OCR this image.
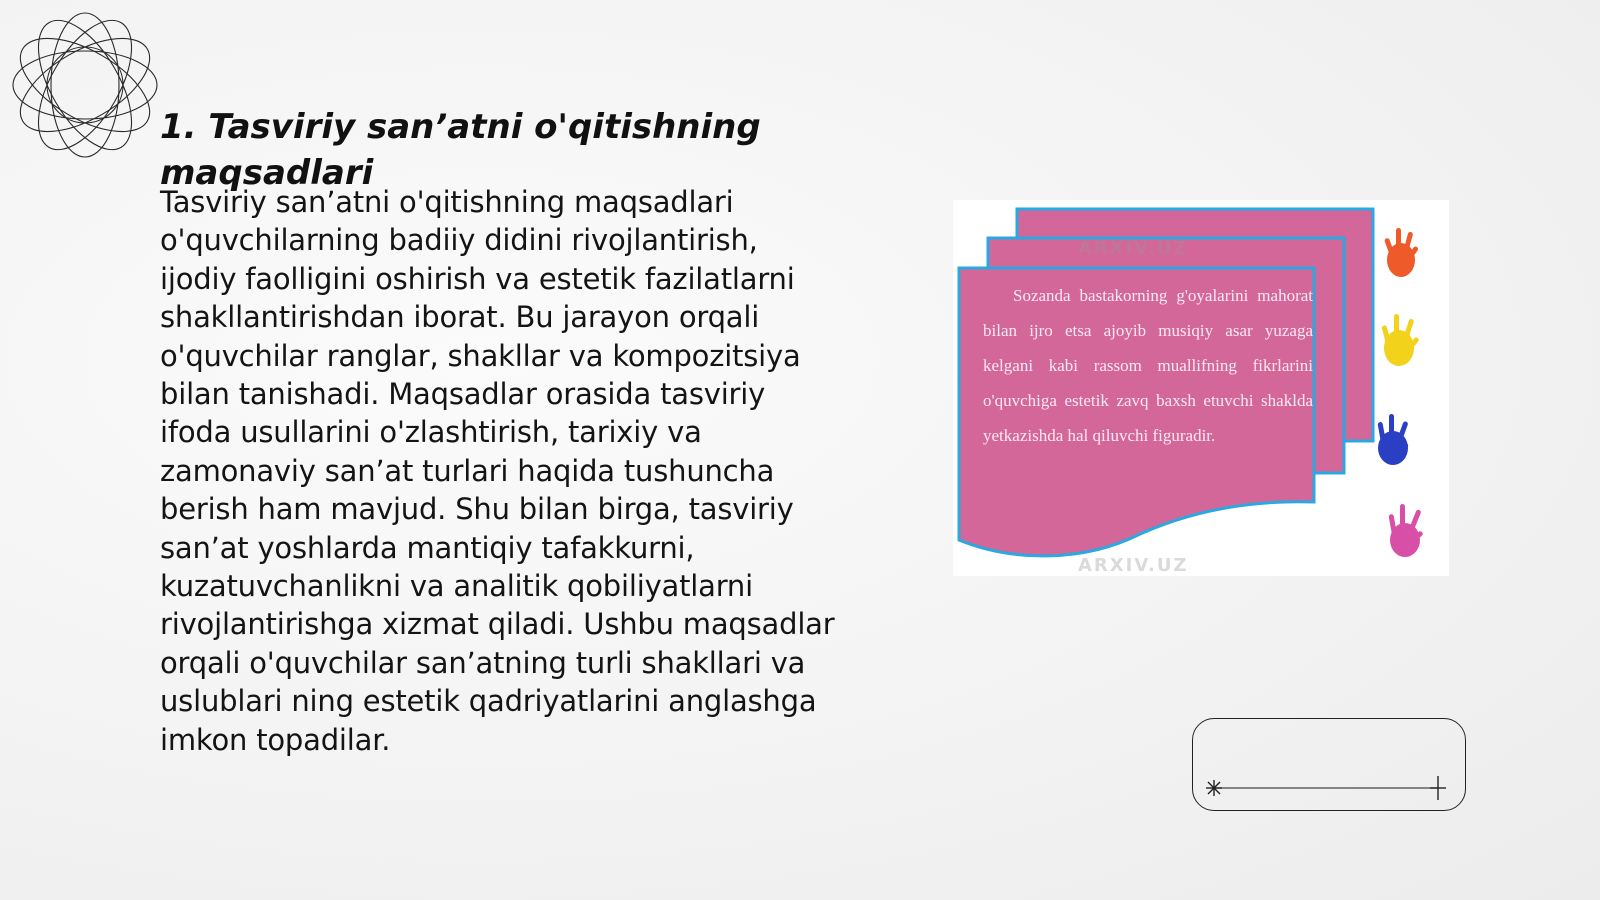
1. Tasviriy san’atni o'qitishning maqsadlari

Tasviriy san’atni o'qitishning maqsadlari o'quvchilarning badiiy didini rivojlantirish, ijodiy faolligini oshirish va estetik fazilatlarni shakllantirishdan iborat. Bu jarayon orqali o'quvchilar ranglar, shakllar va kompozitsiya bilan tanishadi. Maqsadlar orasida tasviriy ifoda usullarini o'zlashtirish, tarixiy va zamonaviy san’at turlari haqida tushuncha berish ham mavjud. Shu bilan birga, tasviriy san’at yoshlarda mantiqiy tafakkurni, kuzatuvchanlikni va analitik qobiliyatlarni rivojlantirishga xizmat qiladi. Ushbu maqsadlar orqali o'quvchilar san’atning turli shakllari va uslublari ning estetik qadriyatlarini anglashga imkon topadilar.

Sozanda bastakorning g'oyalarini mahorat bilan ijro etsa ajoyib musiqiy asar yuzaga kelgani kabi rassom muallifning fikrlarini o'quvchiga estetik zavq baxsh etuvchi shaklda yetkazishda hal qiluvchi figuradir.

ARXIV.UZ
ARXIV.UZ
